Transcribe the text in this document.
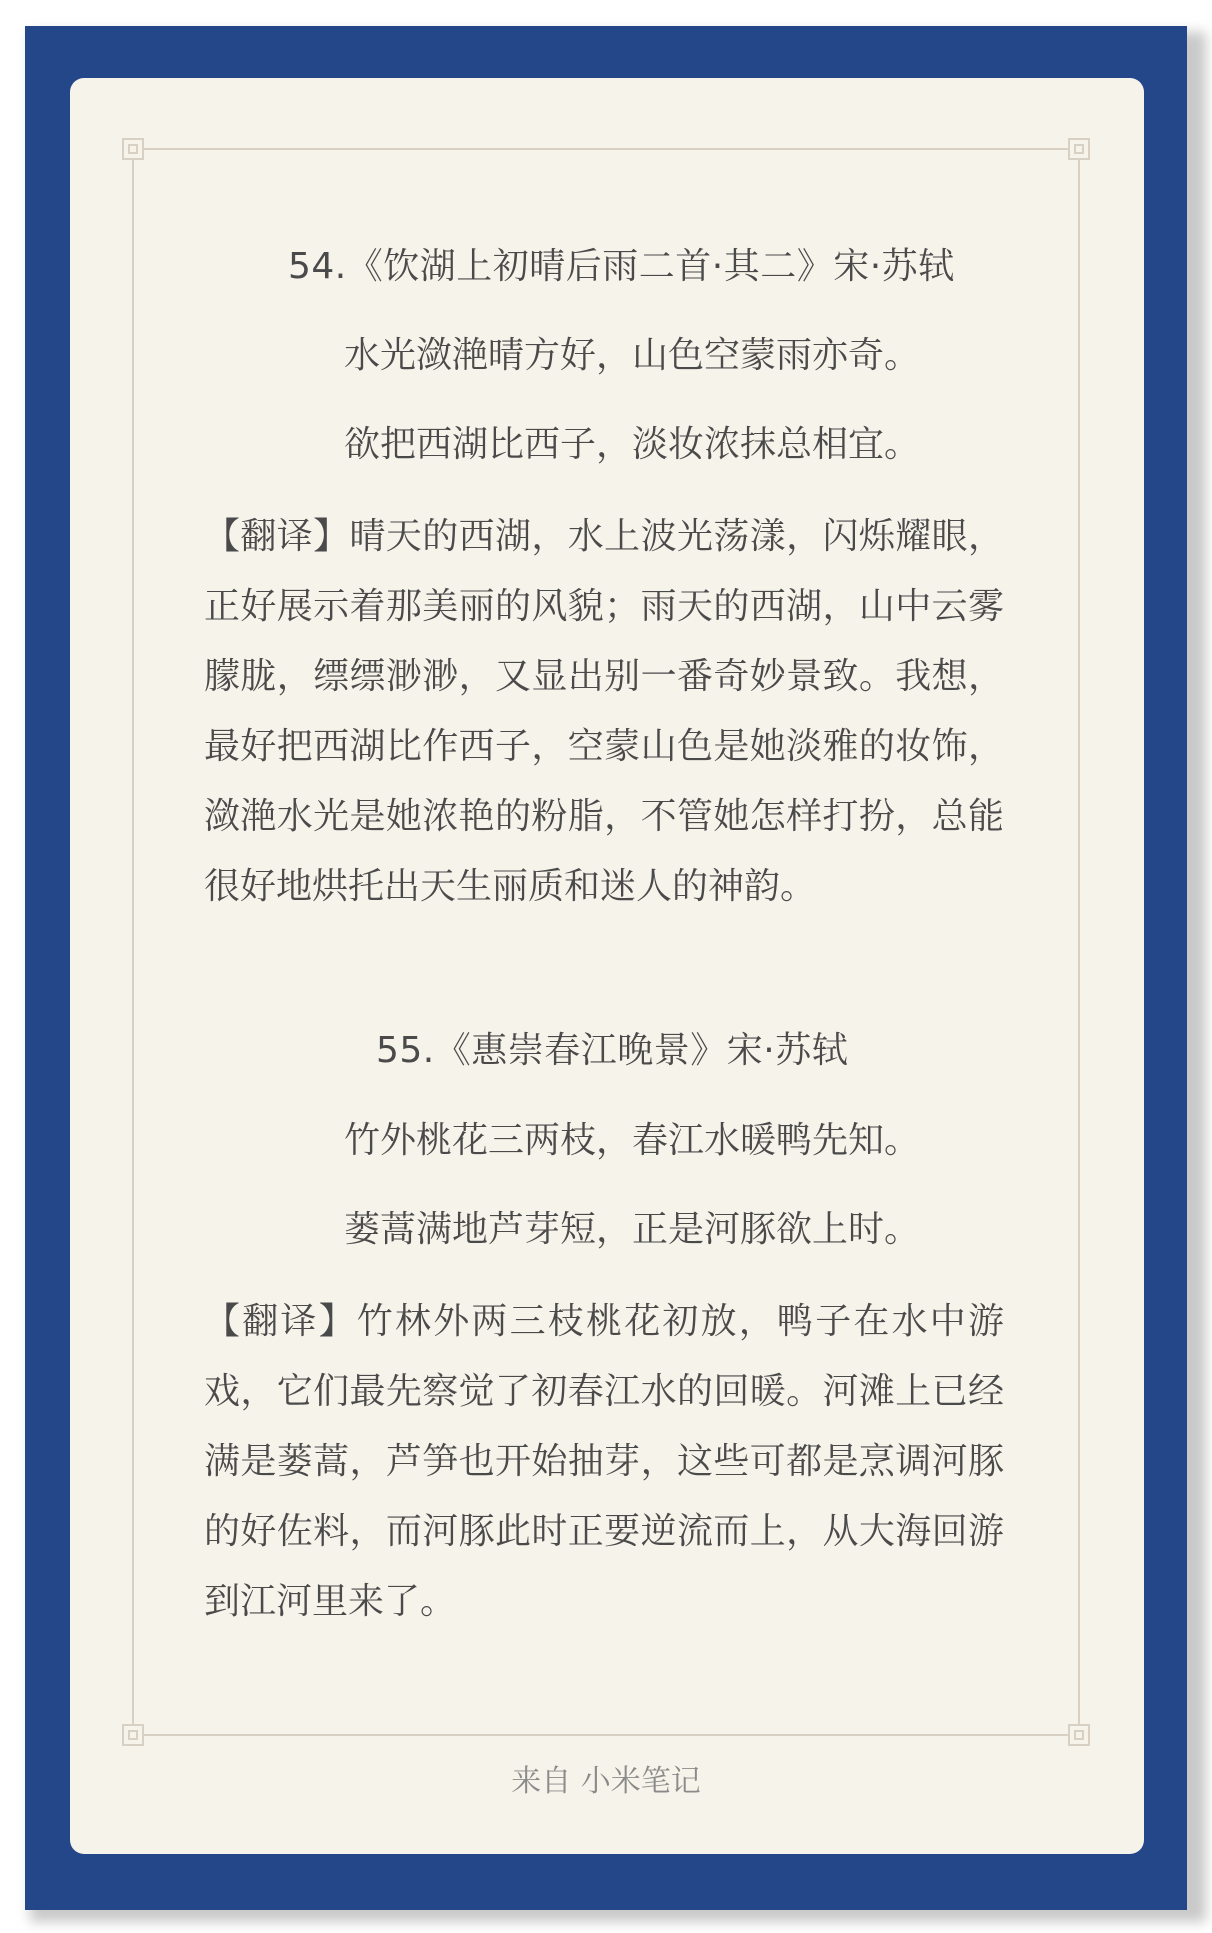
54.《饮湖上初晴后雨二首·其二》宋·苏轼
水光潋滟晴方好，山色空蒙雨亦奇。
欲把西湖比西子，淡妆浓抹总相宜。
【翻译】晴天的西湖，水上波光荡漾，闪烁耀眼，正好展示着那美丽的风貌；雨天的西湖，山中云雾朦胧，缥缥渺渺，又显出别一番奇妙景致。我想，最好把西湖比作西子，空蒙山色是她淡雅的妆饰，潋滟水光是她浓艳的粉脂，不管她怎样打扮，总能很好地烘托出天生丽质和迷人的神韵。
55.《惠崇春江晚景》宋·苏轼
竹外桃花三两枝，春江水暖鸭先知。
蒌蒿满地芦芽短，正是河豚欲上时。
【翻译】竹林外两三枝桃花初放，鸭子在水中游戏，它们最先察觉了初春江水的回暖。河滩上已经满是蒌蒿，芦笋也开始抽芽，这些可都是烹调河豚的好佐料，而河豚此时正要逆流而上，从大海回游到江河里来了。
来自 小米笔记
